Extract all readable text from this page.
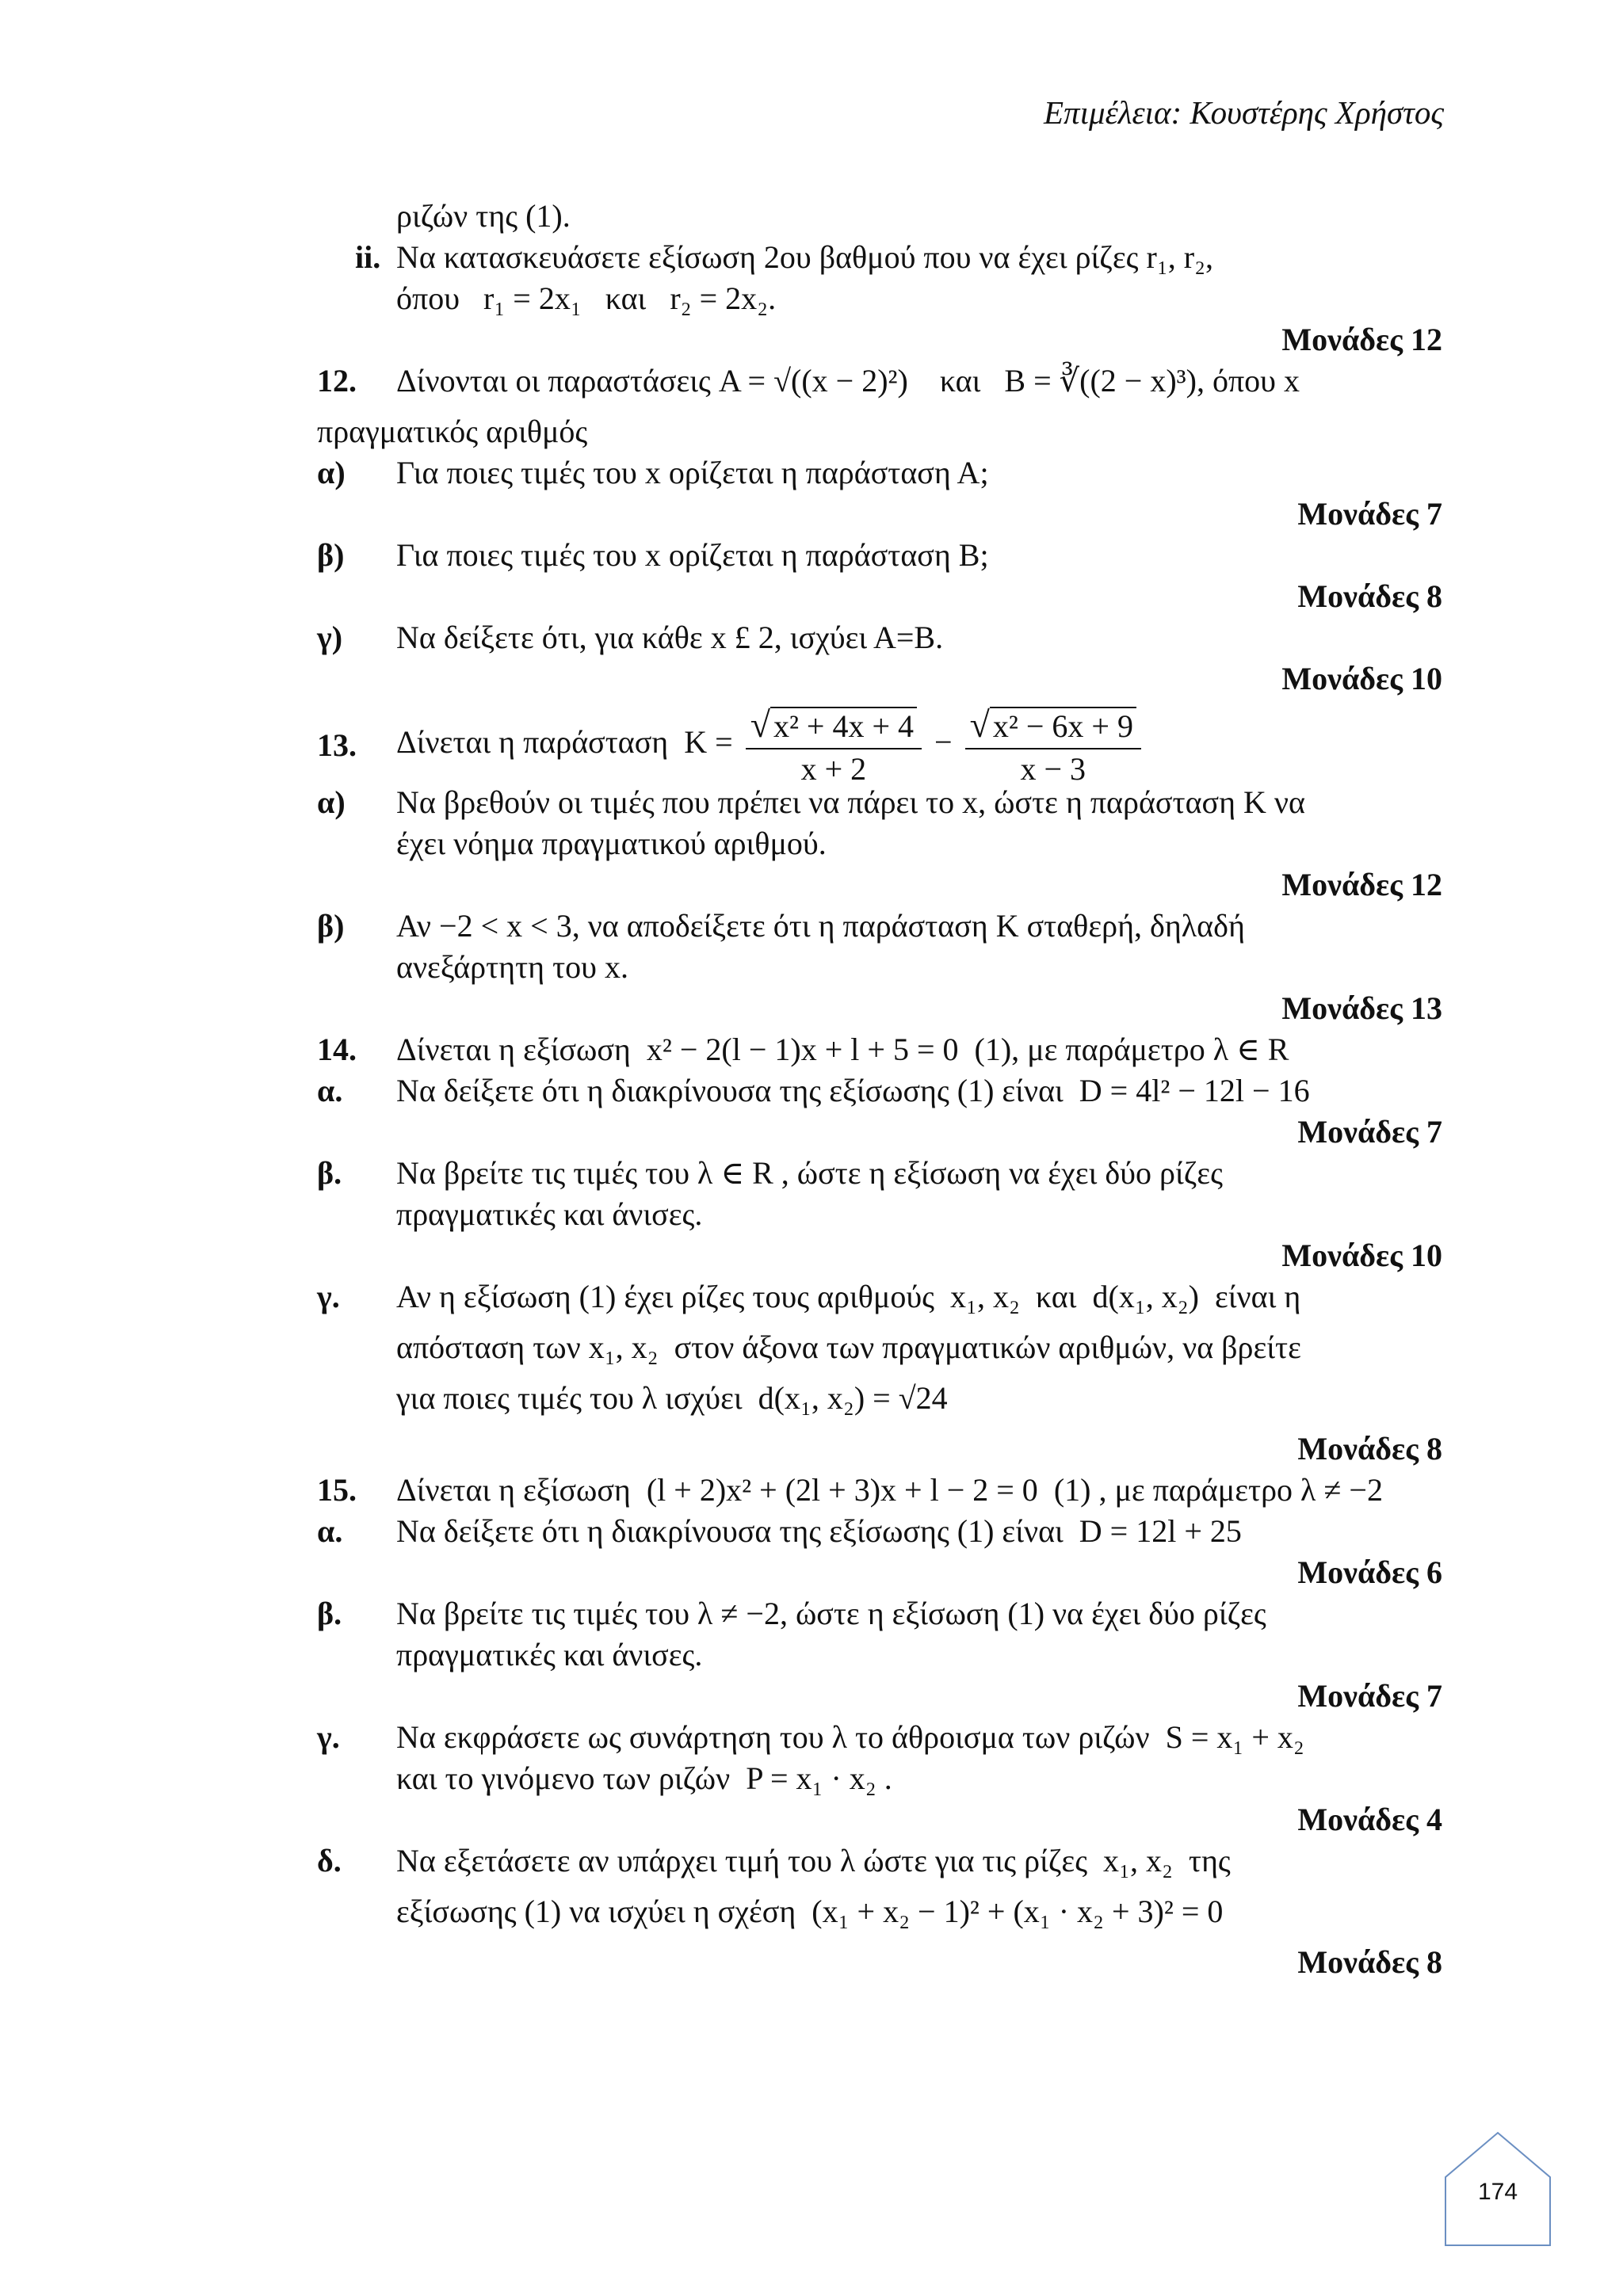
Επιμέλεια: Κουστέρης Χρήστος
ριζών της (1).
ii. Να κατασκευάσετε εξίσωση 2ου βαθμού που να έχει ρίζες r₁, r₂,
όπου r₁ = 2x₁ και r₂ = 2x₂.
Μονάδες 12
12. Δίνονται οι παραστάσεις A = √((x − 2)²) και B = ∛((2 − x)³), όπου x
πραγματικός αριθμός
α) Για ποιες τιμές του x ορίζεται η παράσταση Α;
Μονάδες 7
β) Για ποιες τιμές του x ορίζεται η παράσταση Β;
Μονάδες 8
γ) Να δείξετε ότι, για κάθε x £ 2, ισχύει Α=Β.
Μονάδες 10
13. Δίνεται η παράσταση $K = \frac{\text{√ x² + 4x + 4}}{x + 2} - \frac{\text{√ x² − 6x + 9}}{x - 3}$
α) Να βρεθούν οι τιμές που πρέπει να πάρει το x, ώστε η παράσταση Κ να
έχει νόημα πραγματικού αριθμού.
Μονάδες 12
β) Αν −2 < x < 3, να αποδείξετε ότι η παράσταση Κ σταθερή, δηλαδή
ανεξάρτητη του x.
Μονάδες 13
14. Δίνεται η εξίσωση x² − 2(l − 1)x + l + 5 = 0 (1), με παράμετρο λ ∈ R
α. Να δείξετε ότι η διακρίνουσα της εξίσωσης (1) είναι D = 4l² − 12l − 16
Μονάδες 7
β. Να βρείτε τις τιμές του λ ∈ R , ώστε η εξίσωση να έχει δύο ρίζες
πραγματικές και άνισες.
Μονάδες 10
γ. Αν η εξίσωση (1) έχει ρίζες τους αριθμούς x₁, x₂ και d(x₁, x₂) είναι η
απόσταση των x₁, x₂ στον άξονα των πραγματικών αριθμών, να βρείτε
για ποιες τιμές του λ ισχύει d(x₁, x₂) = √24
Μονάδες 8
15. Δίνεται η εξίσωση (l + 2)x² + (2l + 3)x + l − 2 = 0 (1) , με παράμετρο λ ≠ −2
α. Να δείξετε ότι η διακρίνουσα της εξίσωσης (1) είναι D = 12l + 25
Μονάδες 6
β. Να βρείτε τις τιμές του λ ≠ −2, ώστε η εξίσωση (1) να έχει δύο ρίζες
πραγματικές και άνισες.
Μονάδες 7
γ. Να εκφράσετε ως συνάρτηση του λ το άθροισμα των ριζών S = x₁ + x₂
και το γινόμενο των ριζών P = x₁ · x₂ .
Μονάδες 4
δ. Να εξετάσετε αν υπάρχει τιμή του λ ώστε για τις ρίζες x₁, x₂ της
εξίσωσης (1) να ισχύει η σχέση (x₁ + x₂ − 1)² + (x₁ · x₂ + 3)² = 0
Μονάδες 8
174
